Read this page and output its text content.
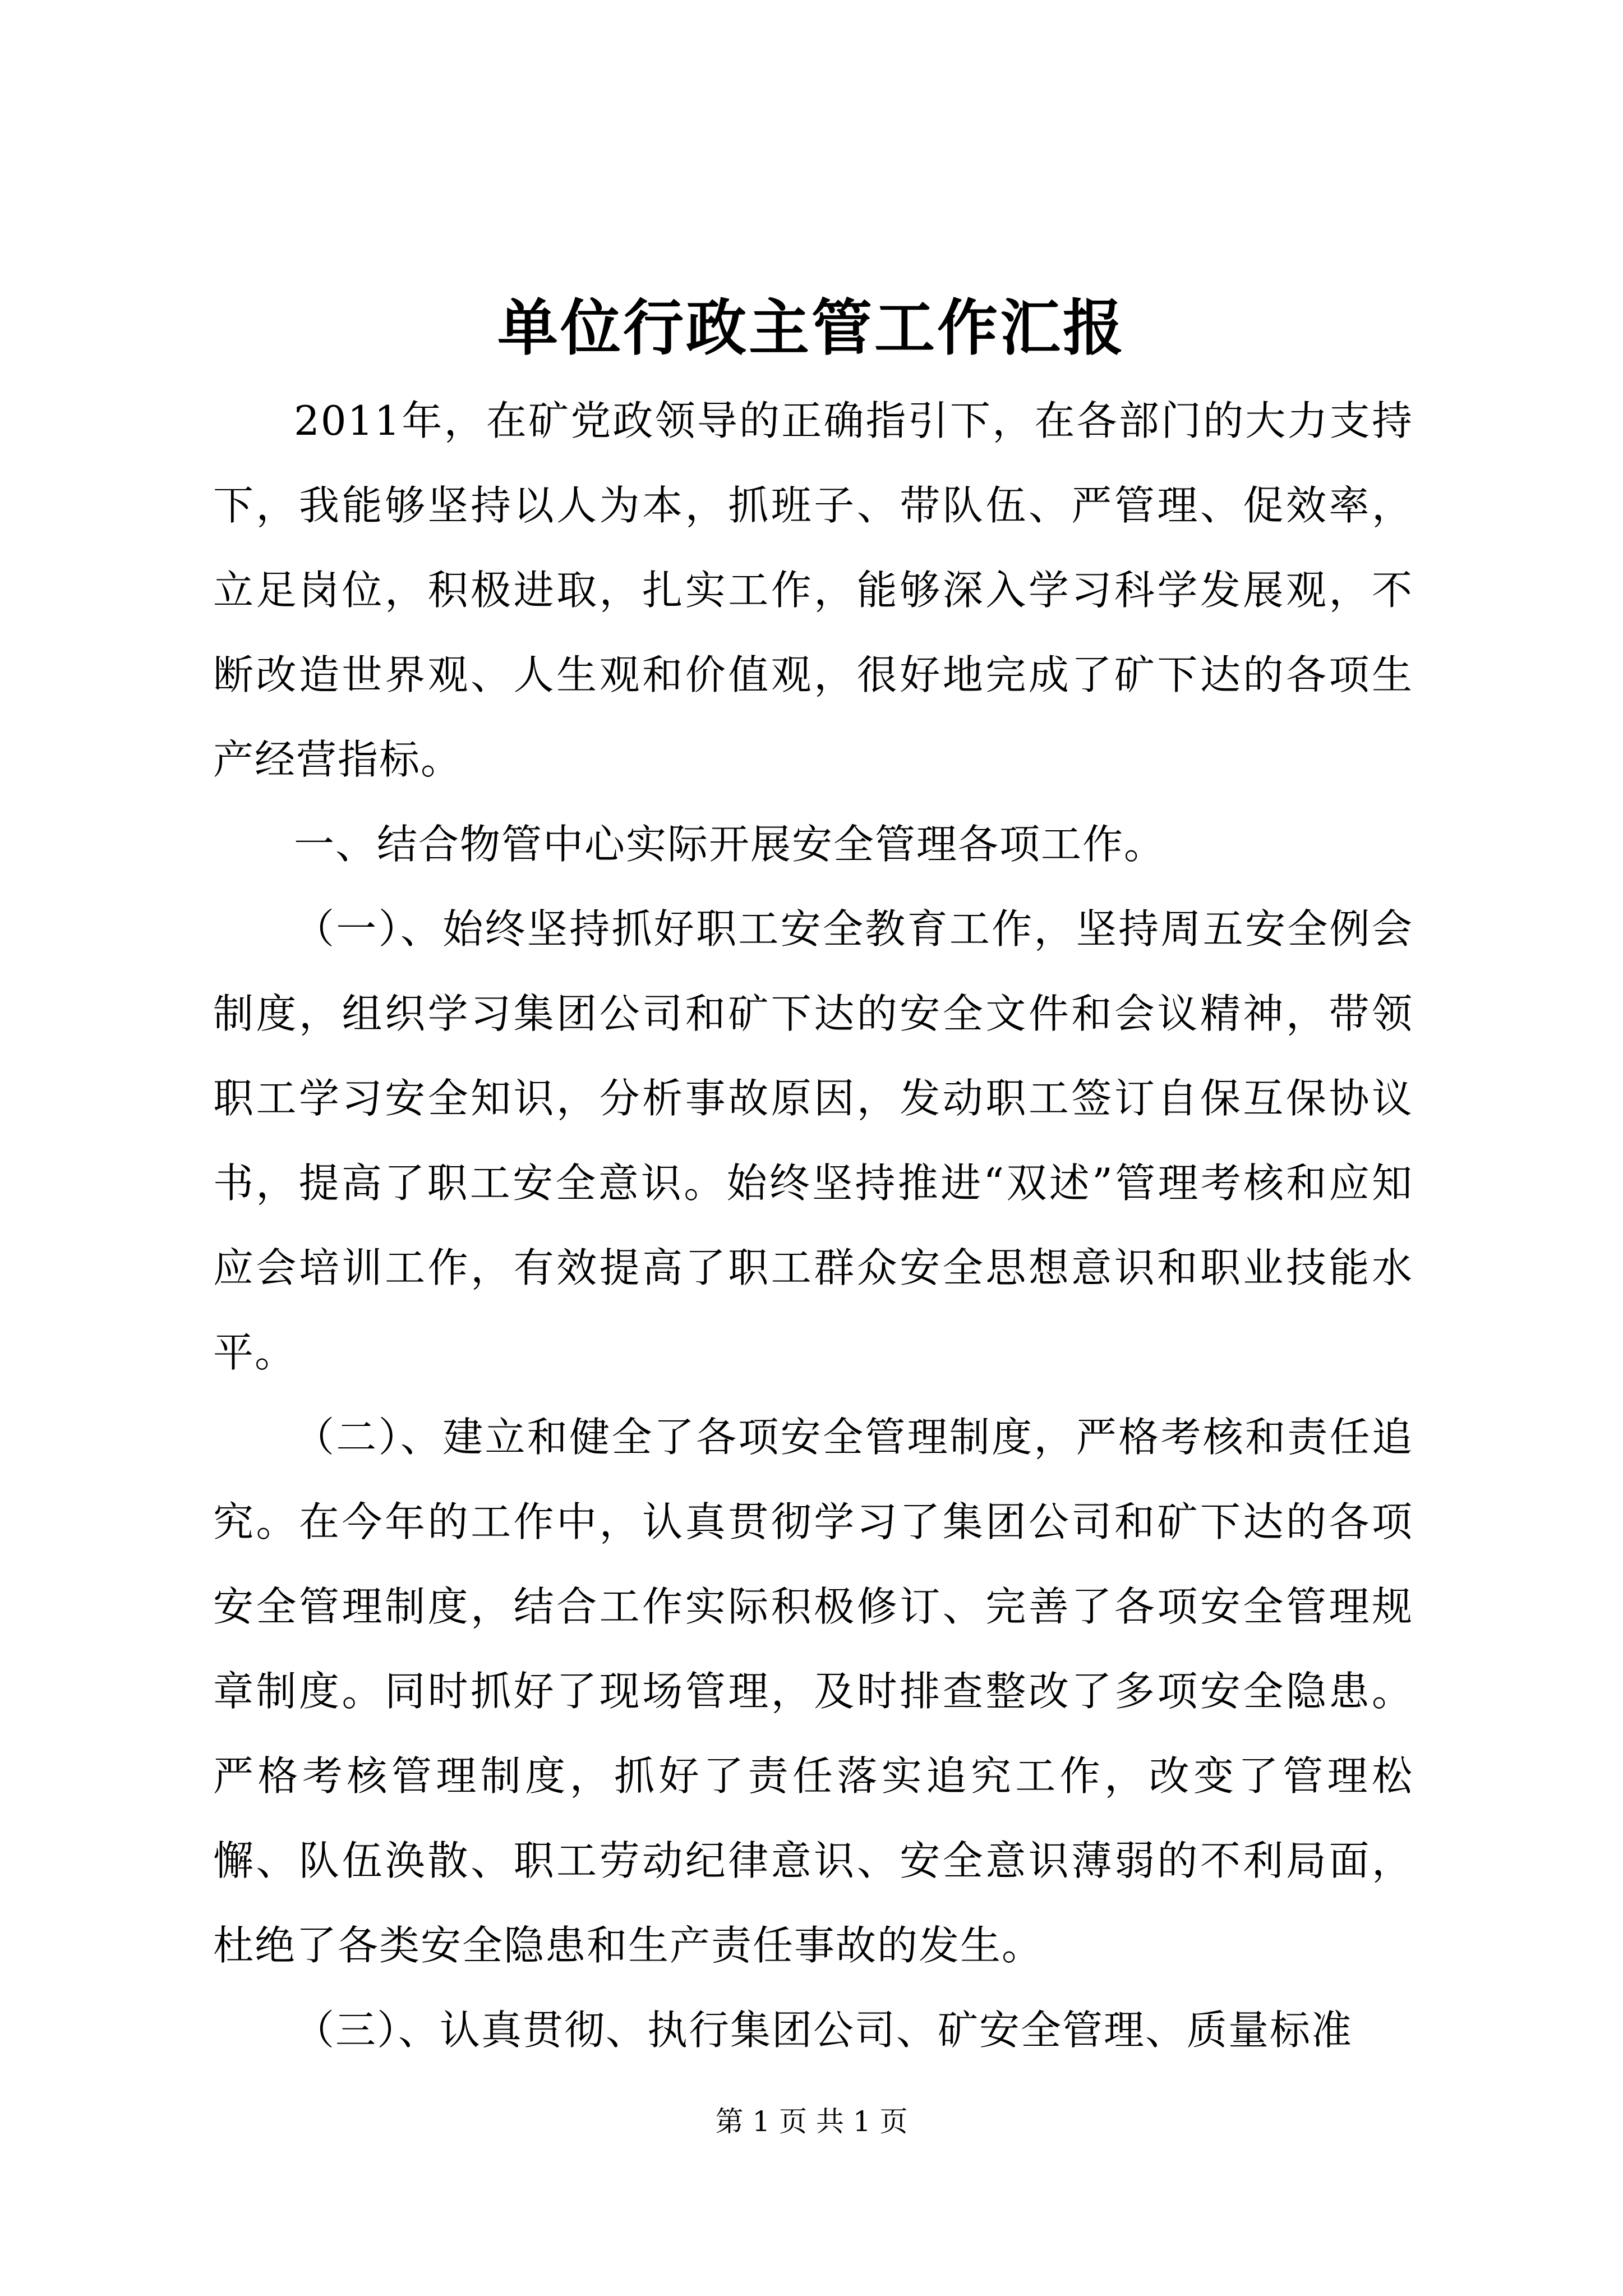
单位行政主管工作汇报

2011年，在矿党政领导的正确指引下，在各部门的大力支持下，我能够坚持以人为本，抓班子、带队伍、严管理、促效率，立足岗位，积极进取，扎实工作，能够深入学习科学发展观，不断改造世界观、人生观和价值观，很好地完成了矿下达的各项生产经营指标。

一、结合物管中心实际开展安全管理各项工作。

（一）、始终坚持抓好职工安全教育工作，坚持周五安全例会制度，组织学习集团公司和矿下达的安全文件和会议精神，带领职工学习安全知识，分析事故原因，发动职工签订自保互保协议书，提高了职工安全意识。始终坚持推进“双述”管理考核和应知应会培训工作，有效提高了职工群众安全思想意识和职业技能水平。

（二）、建立和健全了各项安全管理制度，严格考核和责任追究。在今年的工作中，认真贯彻学习了集团公司和矿下达的各项安全管理制度，结合工作实际积极修订、完善了各项安全管理规章制度。同时抓好了现场管理，及时排查整改了多项安全隐患。严格考核管理制度，抓好了责任落实追究工作，改变了管理松懈、队伍涣散、职工劳动纪律意识、安全意识薄弱的不利局面，杜绝了各类安全隐患和生产责任事故的发生。

（三）、认真贯彻、执行集团公司、矿安全管理、质量标准

第 1 页 共 1 页
